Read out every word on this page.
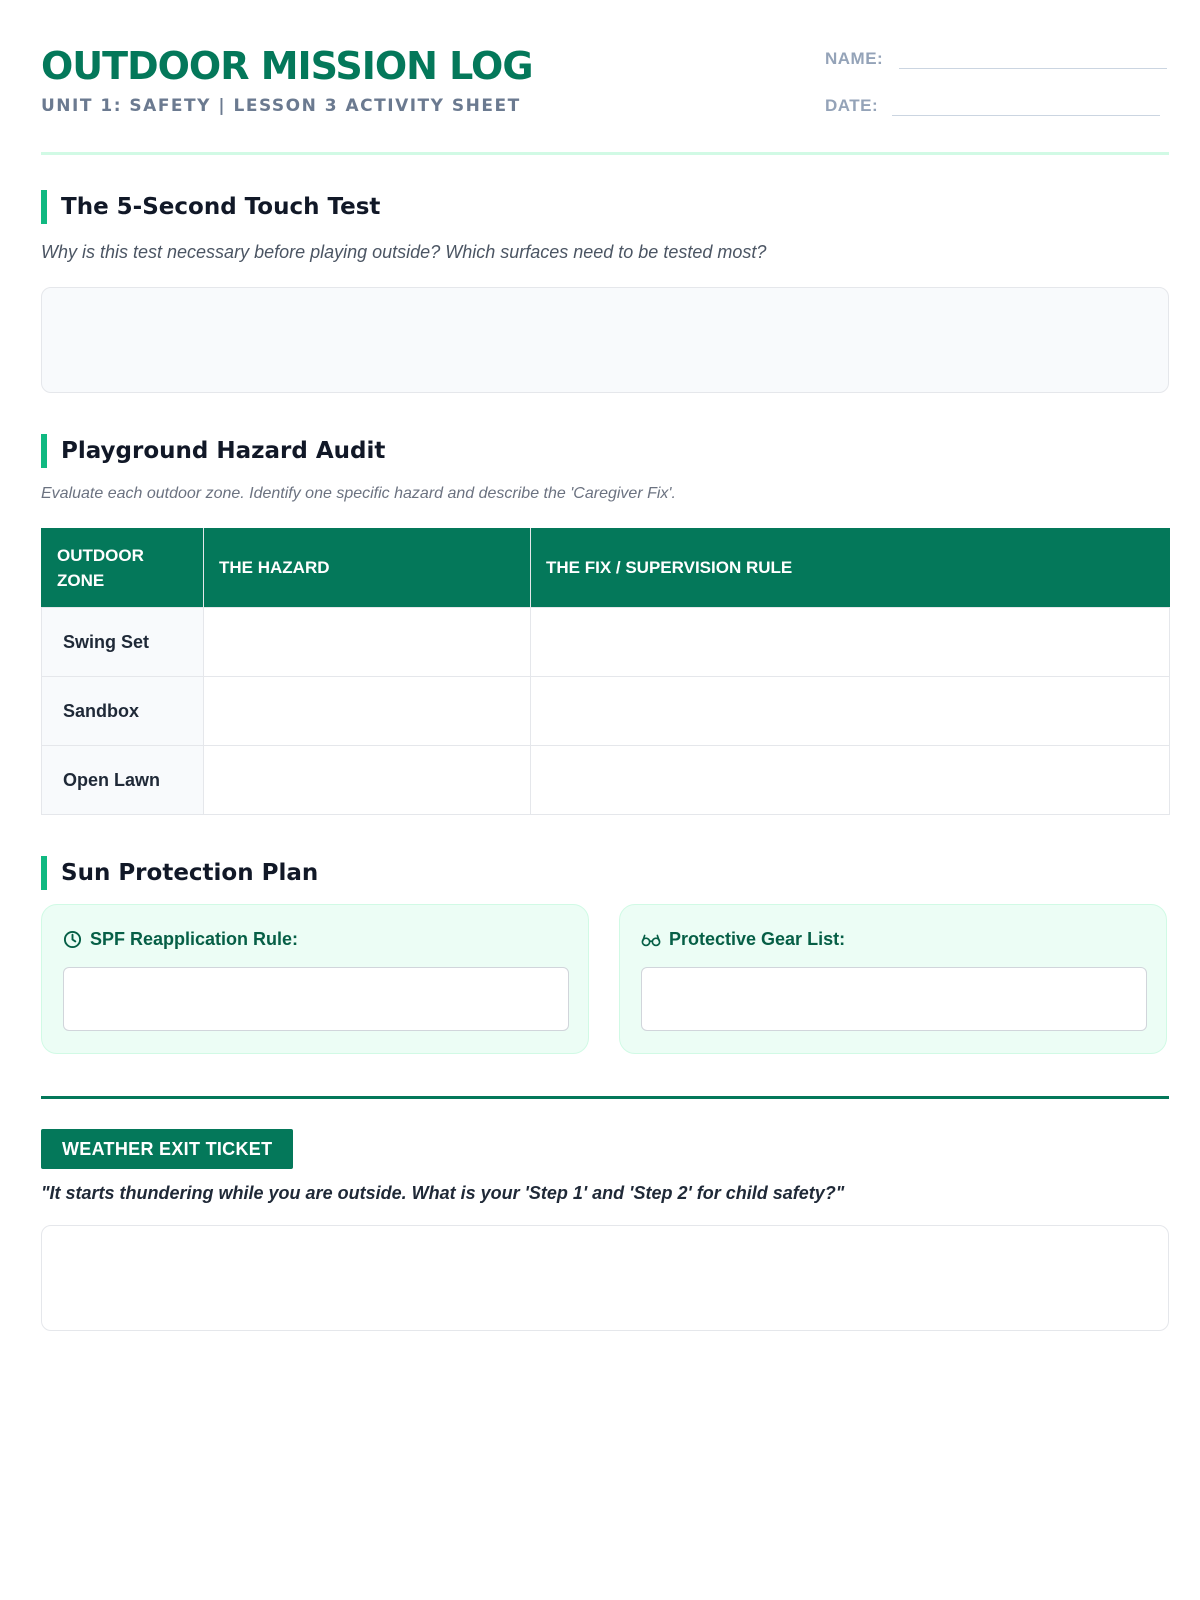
OUTDOOR MISSION LOG
UNIT 1: SAFETY | LESSON 3 ACTIVITY SHEET
NAME:
DATE:
The 5-Second Touch Test
Why is this test necessary before playing outside? Which surfaces need to be tested most?
Playground Hazard Audit
Evaluate each outdoor zone. Identify one specific hazard and describe the 'Caregiver Fix'.
OUTDOOR ZONE	THE HAZARD	THE FIX / SUPERVISION RULE
Swing Set		
Sandbox		
Open Lawn		
Sun Protection Plan
SPF Reapplication Rule:	Protective Gear List:
WEATHER EXIT TICKET
"It starts thundering while you are outside. What is your 'Step 1' and 'Step 2' for child safety?"
